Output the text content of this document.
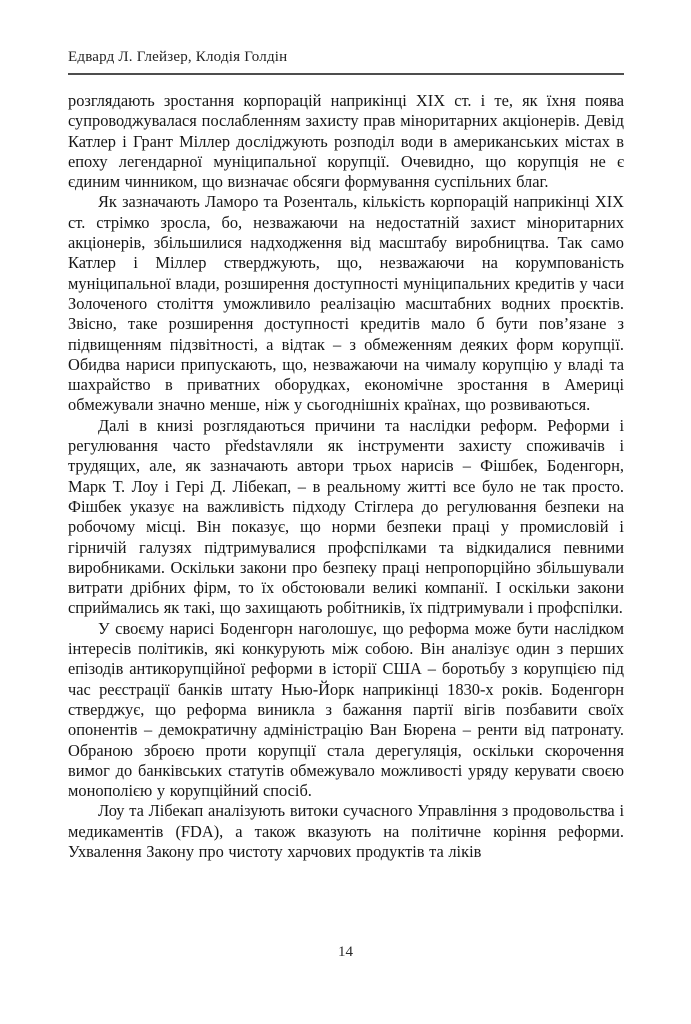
Едвард Л. Глейзер, Клодія Голдін

розглядають зростання корпорацій наприкінці XIX ст. і те, як їхня поява супроводжувалася послабленням захисту прав міноритарних акціонерів. Девід Катлер і Грант Міллер досліджують розподіл води в американських містах в епоху легендарної муніципальної корупції. Очевидно, що корупція не є єдиним чинником, що визначає обсяги формування суспільних благ.

Як зазначають Ламоро та Розенталь, кількість корпорацій наприкінці XIX ст. стрімко зросла, бо, незважаючи на недостатній захист міноритарних акціонерів, збільшилися надходження від масштабу виробництва. Так само Катлер і Міллер стверджують, що, незважаючи на корумпованість муніципальної влади, розширення доступності муніципальних кредитів у часи Золоченого століття уможливило реалізацію масштабних водних проєктів. Звісно, таке розширення доступності кредитів мало б бути пов’язане з підвищенням підзвітності, а відтак – з обмеженням деяких форм корупції. Обидва нариси припускають, що, незважаючи на чималу корупцію у владі та шахрайство в приватних оборудках, економічне зростання в Америці обмежували значно менше, ніж у сьогоднішніх країнах, що розвиваються.

Далі в книзі розглядаються причини та наслідки реформ. Реформи і регулювання часто představляли як інструменти захисту споживачів і трудящих, але, як зазначають автори трьох нарисів – Фішбек, Боденгорн, Марк Т. Лоу і Гері Д. Лібекап, – в реальному житті все було не так просто. Фішбек указує на важливість підходу Стіглера до регулювання безпеки на робочому місці. Він показує, що норми безпеки праці у промисловій і гірничій галузях підтримувалися профспілками та відкидалися певними виробниками. Оскільки закони про безпеку праці непропорційно збільшували витрати дрібних фірм, то їх обстоювали великі компанії. І оскільки закони сприймались як такі, що захищають робітників, їх підтримували і профспілки.

У своєму нарисі Боденгорн наголошує, що реформа може бути наслідком інтересів політиків, які конкурують між собою. Він аналізує один з перших епізодів антикорупційної реформи в історії США – боротьбу з корупцією під час реєстрації банків штату Нью-Йорк наприкінці 1830-х років. Боденгорн стверджує, що реформа виникла з бажання партії вігів позбавити своїх опонентів – демократичну адміністрацію Ван Бюрена – ренти від патронату. Обраною зброєю проти корупції стала дерегуляція, оскільки скорочення вимог до банківських статутів обмежувало можливості уряду керувати своєю монополією у корупційний спосіб.

Лоу та Лібекап аналізують витоки сучасного Управління з продовольства і медикаментів (FDA), а також вказують на політичне коріння реформи. Ухвалення Закону про чистоту харчових продуктів та ліків

14
